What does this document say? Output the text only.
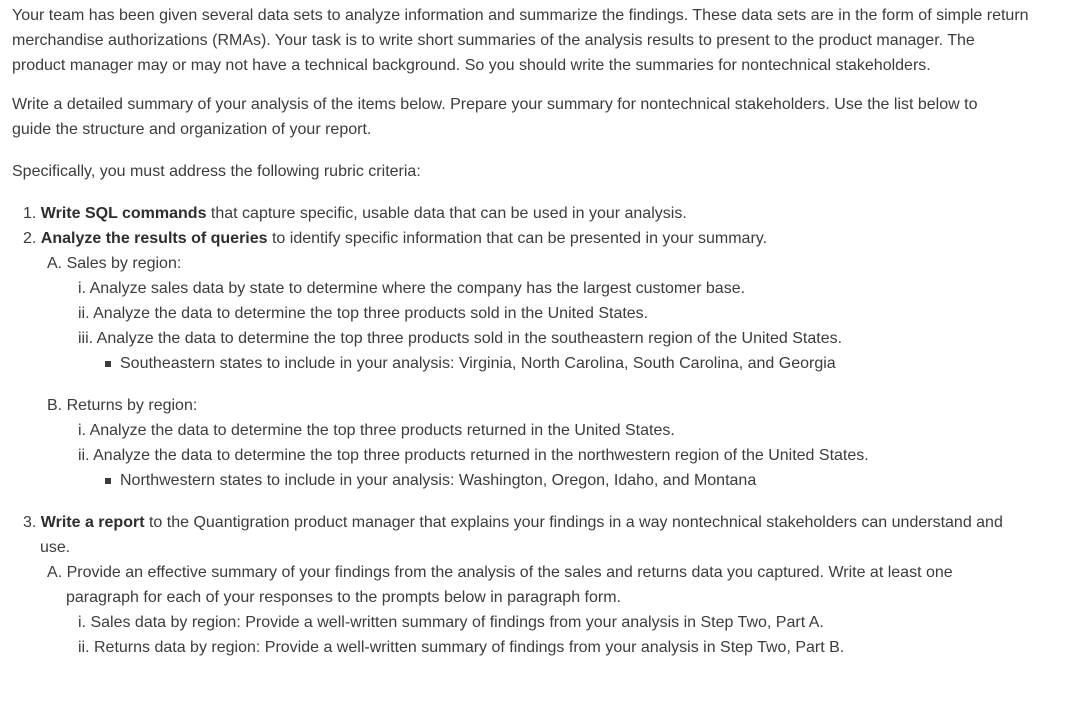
Your team has been given several data sets to analyze information and summarize the findings. These data sets are in the form of simple return

merchandise authorizations (RMAs). Your task is to write short summaries of the analysis results to present to the product manager. The

product manager may or may not have a technical background. So you should write the summaries for nontechnical stakeholders.

Write a detailed summary of your analysis of the items below. Prepare your summary for nontechnical stakeholders. Use the list below to

guide the structure and organization of your report.

Specifically, you must address the following rubric criteria:

1. Write SQL commands that capture specific, usable data that can be used in your analysis.

2. Analyze the results of queries to identify specific information that can be presented in your summary.

A. Sales by region:

i. Analyze sales data by state to determine where the company has the largest customer base.

ii. Analyze the data to determine the top three products sold in the United States.

iii. Analyze the data to determine the top three products sold in the southeastern region of the United States.

Southeastern states to include in your analysis: Virginia, North Carolina, South Carolina, and Georgia

B. Returns by region:

i. Analyze the data to determine the top three products returned in the United States.

ii. Analyze the data to determine the top three products returned in the northwestern region of the United States.

Northwestern states to include in your analysis: Washington, Oregon, Idaho, and Montana

3. Write a report to the Quantigration product manager that explains your findings in a way nontechnical stakeholders can understand and

use.

A. Provide an effective summary of your findings from the analysis of the sales and returns data you captured. Write at least one

paragraph for each of your responses to the prompts below in paragraph form.

i. Sales data by region: Provide a well-written summary of findings from your analysis in Step Two, Part A.

ii. Returns data by region: Provide a well-written summary of findings from your analysis in Step Two, Part B.
